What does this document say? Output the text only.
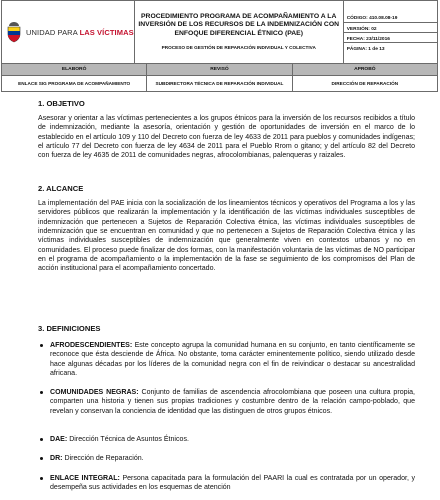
UNIDAD PARA LAS VÍCTIMAS

PROCEDIMIENTO PROGRAMA DE ACOMPAÑAMIENTO A LA INVERSIÓN DE LOS RECURSOS DE LA INDEMNIZACIÓN CON ENFOQUE DIFERENCIAL ÉTNICO (PAE)
PROCESO DE GESTIÓN DE REPARACIÓN INDIVIDUAL Y COLECTIVA

CÓDIGO: 410.08.08-19
VERSIÓN: 02
FECHA: 23/11/2016
PÁGINA: 1 de 13
ELABORÓ	REVISÓ	APROBÓ
ENLACE SIG PROGRAMA DE ACOMPAÑAMIENTO	SUBDIRECTORA TÉCNICA DE REPARACIÓN INDIVIDUAL	DIRECCIÓN DE REPARACIÓN
1. OBJETIVO
Asesorar y orientar a las víctimas pertenecientes a los grupos étnicos para la inversión de los recursos recibidos a título de indemnización, mediante la asesoría, orientación y gestión de oportunidades de inversión en el marco de lo establecido en el artículo 109 y 110 del Decreto con fuerza de ley 4633 de 2011 para pueblos y comunidades indígenas; el artículo 77 del Decreto con fuerza de ley 4634 de 2011 para el Pueblo Rrom o gitano; y del artículo 82 del Decreto con fuerza de ley 4635 de 2011 de comunidades negras, afrocolombianas, palenqueras y raizales.
2. ALCANCE
La implementación del PAE inicia con la socialización de los lineamientos técnicos y operativos del Programa a los y las servidores públicos que realizarán la implementación y la identificación de las víctimas individuales susceptibles de indemnización que pertenecen a Sujetos de Reparación Colectiva étnica, las víctimas individuales susceptibles de indemnización que se encuentran en comunidad y que no pertenecen a Sujetos de Reparación Colectiva étnica y las víctimas individuales susceptibles de indemnización que generalmente viven en contextos urbanos y no en comunidades. El proceso puede finalizar de dos formas, con la manifestación voluntaria de las víctimas de NO participar en el programa de acompañamiento o la implementación de la fase se seguimiento de los compromisos del Plan de acción institucional para el acompañamiento concertado.
3. DEFINICIONES
AFRODESCENDIENTES: Este concepto agrupa la comunidad humana en su conjunto, en tanto científicamente se reconoce que ésta desciende de África. No obstante, toma carácter eminentemente político, siendo utilizado desde hace algunas décadas por los líderes de la comunidad negra con el fin de reivindicar o destacar su ancestralidad africana.
COMUNIDADES NEGRAS: Conjunto de familias de ascendencia afrocolombiana que poseen una cultura propia, comparten una historia y tienen sus propias tradiciones y costumbre dentro de la relación campo-poblado, que revelan y conservan la conciencia de identidad que las distinguen de otros grupos étnicos.
DAE: Dirección Técnica de Asuntos Étnicos.
DR: Dirección de Reparación.
ENLACE INTEGRAL: Persona capacitada para la formulación del PAARI la cual es contratada por un operador, y desempeña sus actividades en los esquemas de atención
